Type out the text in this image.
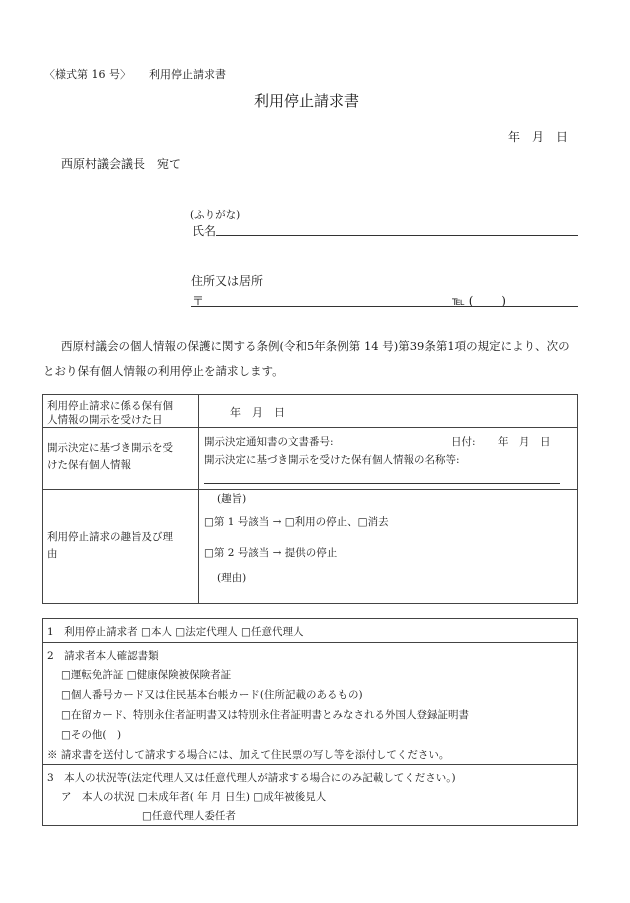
〈様式第 16 号〉 利用停止請求書
利用停止請求書
年　月　日
西原村議会議長　宛て
(ふりがな)
氏名
住所又は居所
〒	℡ (　　 )
西原村議会の個人情報の保護に関する条例(令和5年条例第 14 号)第39条第1項の規定により、次の
とおり保有個人情報の利用停止を請求します。
利用停止請求に係る保有個
人情報の開示を受けた日
年　月　日
開示決定に基づき開示を受
けた保有個人情報
開示決定通知書の文書番号:	日付: 年　月　日
開示決定に基づき開示を受けた保有個人情報の名称等:
利用停止請求の趣旨及び理
由
(趣旨)
□第 1 号該当 → □利用の停止、□消去
□第 2 号該当 → 提供の停止
(理由)
1　利用停止請求者 □本人 □法定代理人 □任意代理人
2　請求者本人確認書類
□運転免許証 □健康保険被保険者証
□個人番号カード又は住民基本台帳カード(住所記載のあるもの)
□在留カード、特別永住者証明書又は特別永住者証明書とみなされる外国人登録証明書
□その他(　)
※ 請求書を送付して請求する場合には、加えて住民票の写し等を添付してください。
3　本人の状況等(法定代理人又は任意代理人が請求する場合にのみ記載してください。)
ア　本人の状況 □未成年者( 年 月 日生) □成年被後見人
□任意代理人委任者
